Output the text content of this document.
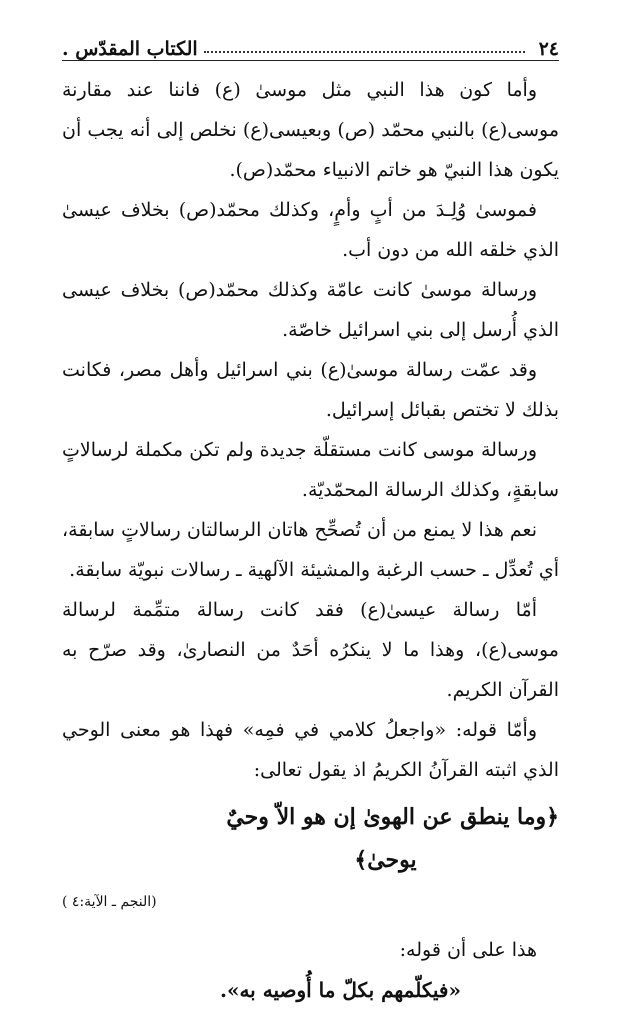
٢٤
الكتاب المقدّس .

وأما كون هذا النبي مثل موسىٰ (ع) فاننا عند مقارنة موسى(ع) بالنبي محمّد (ص) وبعيسى(ع) نخلص إلى أنه يجب أن يكون هذا النبيّ هو خاتم الانبياء محمّد(ص).

فموسىٰ وُلِـدَ من أبٍ وأمٍ، وكذلك محمّد(ص) بخلاف عيسىٰ الذي خلقه الله من دون أب.

ورسالة موسىٰ كانت عامّة وكذلك محمّد(ص) بخلاف عيسى الذي أُرسل إلى بني اسرائيل خاصّة.

وقد عمّت رسالة موسىٰ(ع) بني اسرائيل وأهل مصر، فكانت بذلك لا تختص بقبائل إسرائيل.

ورسالة موسى كانت مستقلّة جديدة ولم تكن مكملة لرسالاتٍ سابقةٍ، وكذلك الرسالة المحمّديّة.

نعم هذا لا يمنع من أن تُصحِّح هاتان الرسالتان رسالاتٍ سابقة، أي تُعدِّل ـ حسب الرغبة والمشيئة الآلهية ـ رسالات نبويّة سابقة.

أمّا رسالة عيسىٰ(ع) فقد كانت رسالة متمِّمة لرسالة موسى(ع)، وهذا ما لا ينكرُه أحَدٌ من النصارىٰ، وقد صرّح به القرآن الكريم.

وأمّا قوله: «واجعلُ كلامي في فمِه» فهذا هو معنى الوحي الذي اثبته القرآنُ الكريمُ اذ يقول تعالى:

﴿وما ينطق عن الهوىٰ إن هو الاّ وحيٌ

يوحىٰ﴾

(النجم ـ الآية:٤ )

هذا على أن قوله:

«فيكلّمهم بكلّ ما أُوصيه به».
